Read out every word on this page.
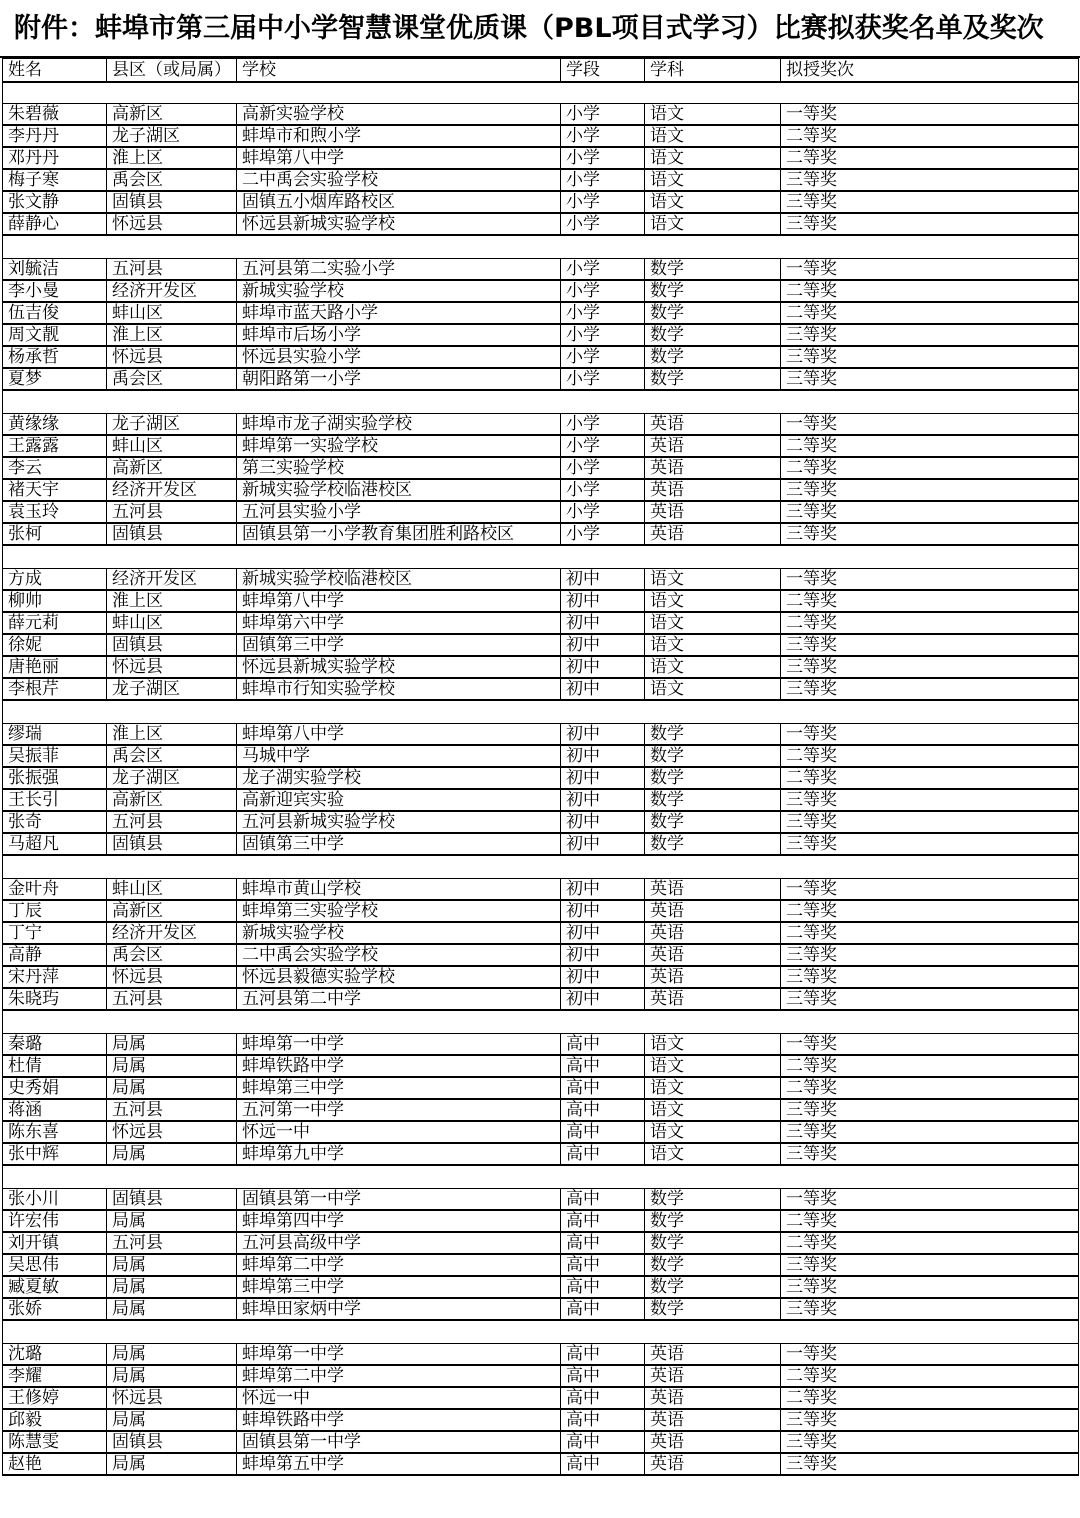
附件：蚌埠市第三届中小学智慧课堂优质课（PBL项目式学习）比赛拟获奖名单及奖次
姓名	县区（或局属）	学校	学段	学科	拟授奖次

朱碧薇	高新区	高新实验学校	小学	语文	一等奖
李丹丹	龙子湖区	蚌埠市和煦小学	小学	语文	二等奖
邓丹丹	淮上区	蚌埠第八中学	小学	语文	二等奖
梅子寒	禹会区	二中禹会实验学校	小学	语文	三等奖
张文静	固镇县	固镇五小烟库路校区	小学	语文	三等奖
薛静心	怀远县	怀远县新城实验学校	小学	语文	三等奖

刘毓洁	五河县	五河县第二实验小学	小学	数学	一等奖
李小曼	经济开发区	新城实验学校	小学	数学	二等奖
伍吉俊	蚌山区	蚌埠市蓝天路小学	小学	数学	二等奖
周文靓	淮上区	蚌埠市后场小学	小学	数学	三等奖
杨承哲	怀远县	怀远县实验小学	小学	数学	三等奖
夏梦	禹会区	朝阳路第一小学	小学	数学	三等奖

黄缘缘	龙子湖区	蚌埠市龙子湖实验学校	小学	英语	一等奖
王露露	蚌山区	蚌埠第一实验学校	小学	英语	二等奖
李云	高新区	第三实验学校	小学	英语	二等奖
褚天宇	经济开发区	新城实验学校临港校区	小学	英语	三等奖
袁玉玲	五河县	五河县实验小学	小学	英语	三等奖
张柯	固镇县	固镇县第一小学教育集团胜利路校区	小学	英语	三等奖

方成	经济开发区	新城实验学校临港校区	初中	语文	一等奖
柳帅	淮上区	蚌埠第八中学	初中	语文	二等奖
薛元莉	蚌山区	蚌埠第六中学	初中	语文	二等奖
徐妮	固镇县	固镇第三中学	初中	语文	三等奖
唐艳丽	怀远县	怀远县新城实验学校	初中	语文	三等奖
李根芹	龙子湖区	蚌埠市行知实验学校	初中	语文	三等奖

缪瑞	淮上区	蚌埠第八中学	初中	数学	一等奖
吴振菲	禹会区	马城中学	初中	数学	二等奖
张振强	龙子湖区	龙子湖实验学校	初中	数学	二等奖
王长引	高新区	高新迎宾实验	初中	数学	三等奖
张奇	五河县	五河县新城实验学校	初中	数学	三等奖
马超凡	固镇县	固镇第三中学	初中	数学	三等奖

金叶舟	蚌山区	蚌埠市黄山学校	初中	英语	一等奖
丁辰	高新区	蚌埠第三实验学校	初中	英语	二等奖
丁宁	经济开发区	新城实验学校	初中	英语	二等奖
高静	禹会区	二中禹会实验学校	初中	英语	三等奖
宋丹萍	怀远县	怀远县毅德实验学校	初中	英语	三等奖
朱晓玙	五河县	五河县第二中学	初中	英语	三等奖

秦璐	局属	蚌埠第一中学	高中	语文	一等奖
杜倩	局属	蚌埠铁路中学	高中	语文	二等奖
史秀娟	局属	蚌埠第三中学	高中	语文	二等奖
蒋涵	五河县	五河第一中学	高中	语文	三等奖
陈东喜	怀远县	怀远一中	高中	语文	三等奖
张中辉	局属	蚌埠第九中学	高中	语文	三等奖

张小川	固镇县	固镇县第一中学	高中	数学	一等奖
许宏伟	局属	蚌埠第四中学	高中	数学	二等奖
刘开镇	五河县	五河县高级中学	高中	数学	二等奖
吴思伟	局属	蚌埠第二中学	高中	数学	三等奖
臧夏敏	局属	蚌埠第三中学	高中	数学	三等奖
张娇	局属	蚌埠田家炳中学	高中	数学	三等奖

沈璐	局属	蚌埠第一中学	高中	英语	一等奖
李耀	局属	蚌埠第二中学	高中	英语	二等奖
王修婷	怀远县	怀远一中	高中	英语	二等奖
邱毅	局属	蚌埠铁路中学	高中	英语	三等奖
陈慧雯	固镇县	固镇县第一中学	高中	英语	三等奖
赵艳	局属	蚌埠第五中学	高中	英语	三等奖
